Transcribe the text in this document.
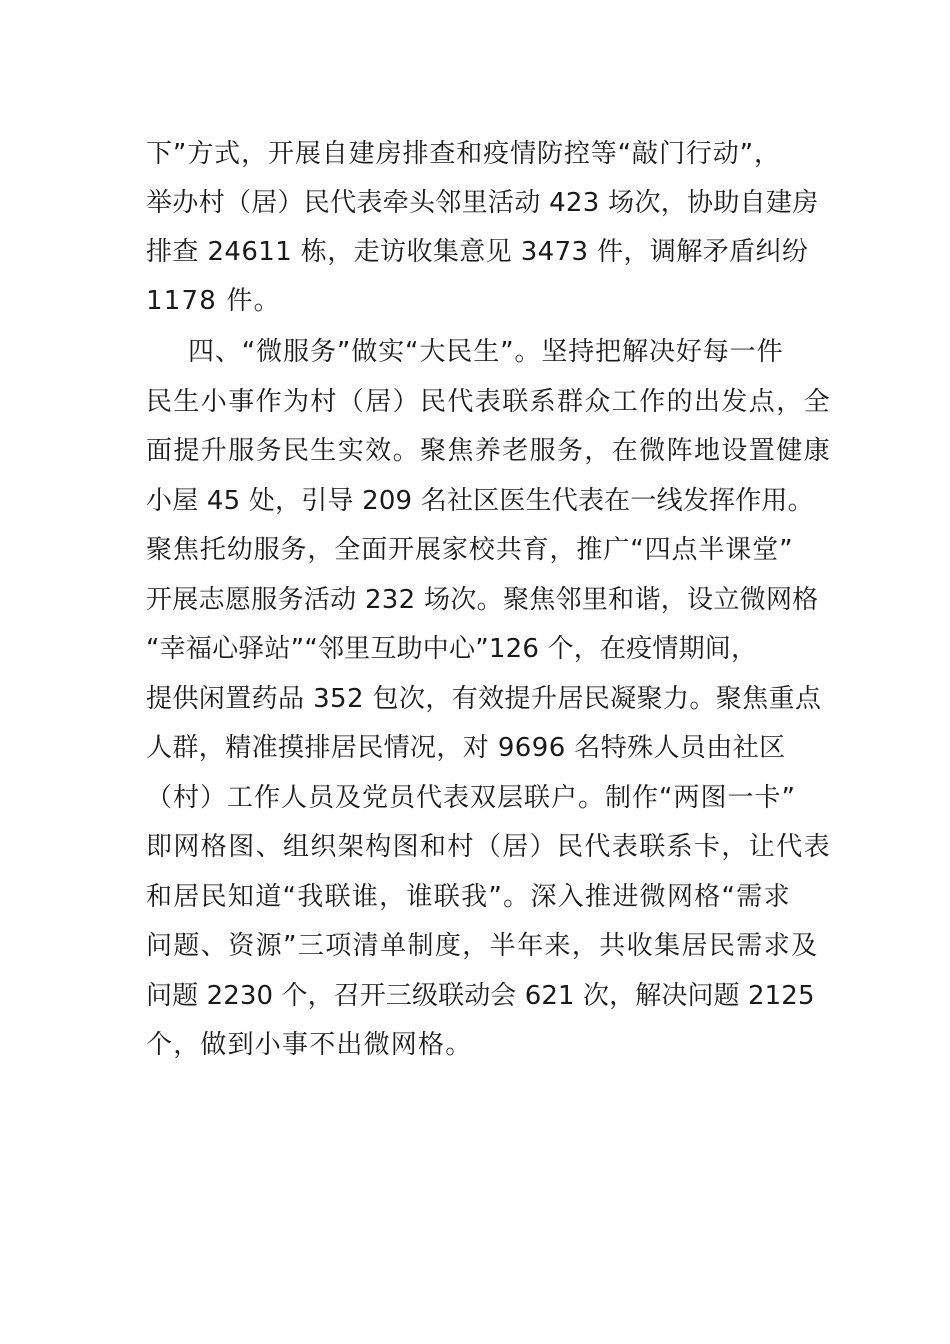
下”方式，开展自建房排查和疫情防控等“敲门行动”，
举办村（居）民代表牵头邻里活动 423 场次，协助自建房
排查 24611 栋，走访收集意见 3473 件，调解矛盾纠纷
1178 件。
四、“微服务”做实“大民生”。坚持把解决好每一件
民生小事作为村（居）民代表联系群众工作的出发点，全
面提升服务民生实效。聚焦养老服务，在微阵地设置健康
小屋 45 处，引导 209 名社区医生代表在一线发挥作用。
聚焦托幼服务，全面开展家校共育，推广“四点半课堂”
开展志愿服务活动 232 场次。聚焦邻里和谐，设立微网格
“幸福心驿站”“邻里互助中心”126 个，在疫情期间，
提供闲置药品 352 包次，有效提升居民凝聚力。聚焦重点
人群，精准摸排居民情况，对 9696 名特殊人员由社区
（村）工作人员及党员代表双层联户。制作“两图一卡”
即网格图、组织架构图和村（居）民代表联系卡，让代表
和居民知道“我联谁，谁联我”。深入推进微网格“需求
问题、资源”三项清单制度，半年来，共收集居民需求及
问题 2230 个，召开三级联动会 621 次，解决问题 2125
个，做到小事不出微网格。
